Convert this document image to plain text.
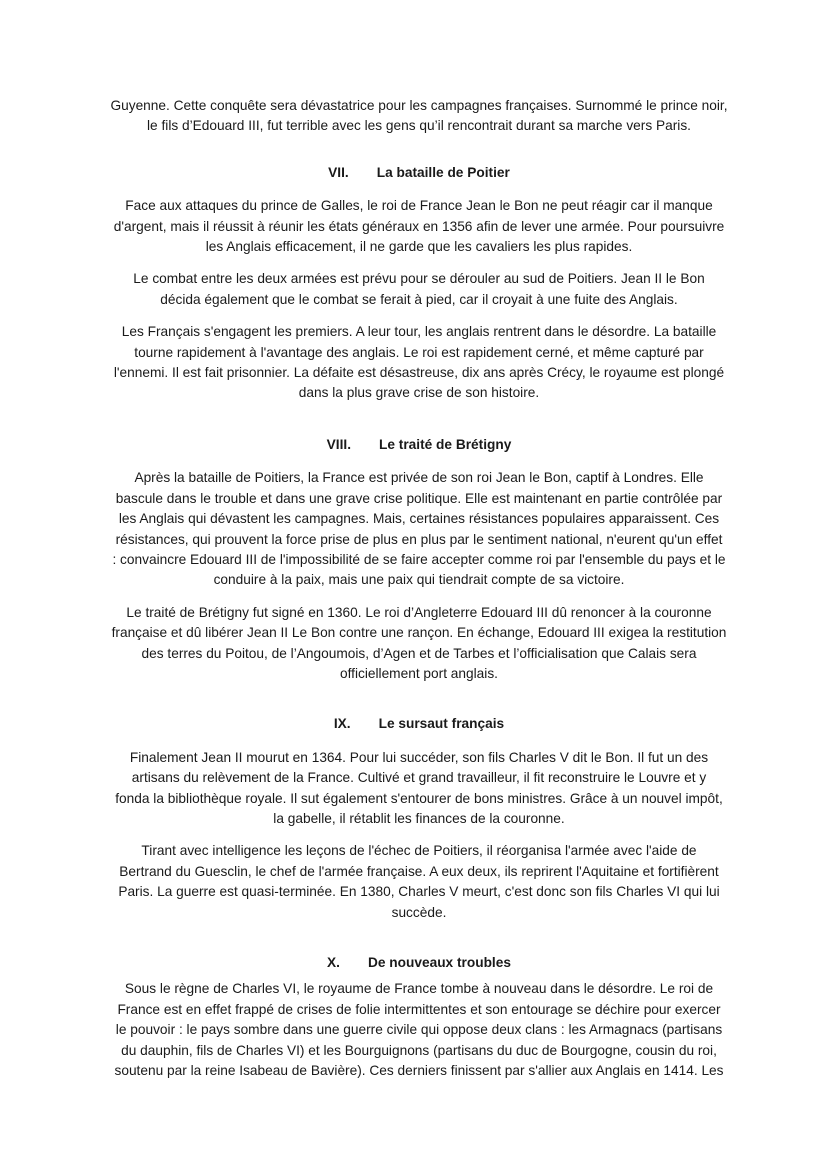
Guyenne. Cette conquête sera dévastatrice pour les campagnes françaises. Surnommé le prince noir,
le fils d’Edouard III, fut terrible avec les gens qu’il rencontrait durant sa marche vers Paris.

VII. La bataille de Poitier

Face aux attaques du prince de Galles, le roi de France Jean le Bon ne peut réagir car il manque
d'argent, mais il réussit à réunir les états généraux en 1356 afin de lever une armée. Pour poursuivre
les Anglais efficacement, il ne garde que les cavaliers les plus rapides.

Le combat entre les deux armées est prévu pour se dérouler au sud de Poitiers. Jean II le Bon
décida également que le combat se ferait à pied, car il croyait à une fuite des Anglais.

Les Français s'engagent les premiers. A leur tour, les anglais rentrent dans le désordre. La bataille
tourne rapidement à l'avantage des anglais. Le roi est rapidement cerné, et même capturé par
l'ennemi. Il est fait prisonnier. La défaite est désastreuse, dix ans après Crécy, le royaume est plongé
dans la plus grave crise de son histoire.

VIII. Le traité de Brétigny

Après la bataille de Poitiers, la France est privée de son roi Jean le Bon, captif à Londres. Elle
bascule dans le trouble et dans une grave crise politique. Elle est maintenant en partie contrôlée par
les Anglais qui dévastent les campagnes. Mais, certaines résistances populaires apparaissent. Ces
résistances, qui prouvent la force prise de plus en plus par le sentiment national, n'eurent qu'un effet
: convaincre Edouard III de l'impossibilité de se faire accepter comme roi par l'ensemble du pays et le
conduire à la paix, mais une paix qui tiendrait compte de sa victoire.

Le traité de Brétigny fut signé en 1360. Le roi d’Angleterre Edouard III dû renoncer à la couronne
française et dû libérer Jean II Le Bon contre une rançon. En échange, Edouard III exigea la restitution
des terres du Poitou, de l’Angoumois, d’Agen et de Tarbes et l’officialisation que Calais sera
officiellement port anglais.

IX. Le sursaut français

Finalement Jean II mourut en 1364. Pour lui succéder, son fils Charles V dit le Bon. Il fut un des
artisans du relèvement de la France. Cultivé et grand travailleur, il fit reconstruire le Louvre et y
fonda la bibliothèque royale. Il sut également s'entourer de bons ministres. Grâce à un nouvel impôt,
la gabelle, il rétablit les finances de la couronne.

Tirant avec intelligence les leçons de l'échec de Poitiers, il réorganisa l'armée avec l'aide de
Bertrand du Guesclin, le chef de l'armée française. A eux deux, ils reprirent l'Aquitaine et fortifièrent
Paris. La guerre est quasi-terminée. En 1380, Charles V meurt, c'est donc son fils Charles VI qui lui
succède.

X. De nouveaux troubles

Sous le règne de Charles VI, le royaume de France tombe à nouveau dans le désordre. Le roi de
France est en effet frappé de crises de folie intermittentes et son entourage se déchire pour exercer
le pouvoir : le pays sombre dans une guerre civile qui oppose deux clans : les Armagnacs (partisans
du dauphin, fils de Charles VI) et les Bourguignons (partisans du duc de Bourgogne, cousin du roi,
soutenu par la reine Isabeau de Bavière). Ces derniers finissent par s'allier aux Anglais en 1414. Les
